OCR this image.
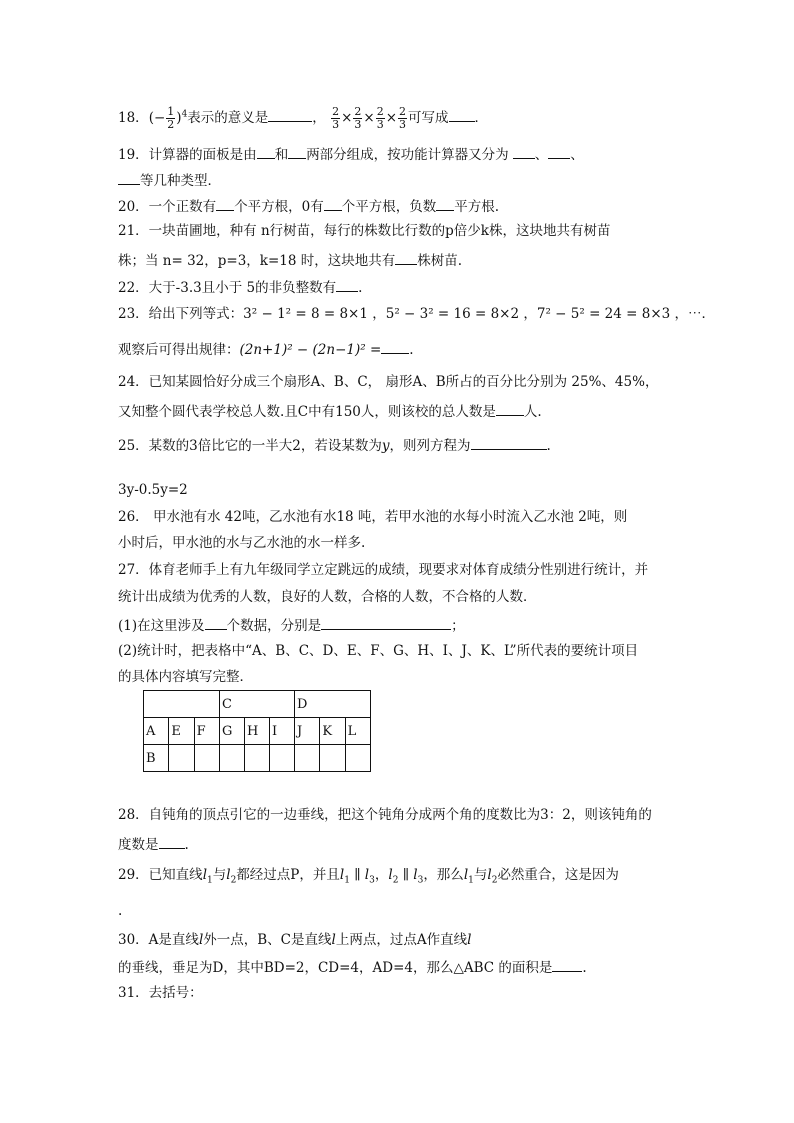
18．(− $\frac{1}{2} )^4$表示的意义是	， $\frac{2}{3} \times \frac{2}{3} \times \frac{2}{3} \times \frac{2}{3}$ 可写成 ．
19．计算器的面板是由 和 两部分组成，按功能计算器又分为 、 、
等几种类型．
20．一个正数有 个平方根，0有 个平方根，负数 平方根.
21．一块苗圃地，种有 n行树苗，每行的株数比行数的p倍少k株，这块地共有树苗
株；当 n= 32，p=3，k=18 时，这块地共有 株树苗.
22．大于-3.3且小于 5的非负整数有 .
23．给出下列等式：3² − 1² = 8 = 8×1 ，5² − 3² = 16 = 8×2 ，7² − 5² = 24 = 8×3 ，⋯．
观察后可得出规律：(2n+1)² − (2n−1)² = .
24．已知某圆恰好分成三个扇形A、B、C， 扇形A、B所占的百分比分别为 25%、45%，
又知整个圆代表学校总人数.且C中有150人，则该校的总人数是 人.
25．某数的3倍比它的一半大2，若设某数为y，则列方程为	.
3y-0.5y=2
26． 甲水池有水 42吨，乙水池有水18 吨，若甲水池的水每小时流入乙水池 2吨，则
小时后，甲水池的水与乙水池的水一样多.
27．体育老师手上有九年级同学立定跳远的成绩，现要求对体育成绩分性别进行统计，并
统计出成绩为优秀的人数，良好的人数，合格的人数，不合格的人数．
(1)在这里涉及 个数据，分别是	；
(2)统计时，把表格中“A、B、C、D、E、F、G、H、I、J、K、L”所代表的要统计项目
的具体内容填写完整．
			C			D		
A	E	F	G	H	I	J	K	L
B								
28．自钝角的顶点引它的一边垂线，把这个钝角分成两个角的度数比为3：2，则该钝角的
度数是 .
29．已知直线$l_1$与$l_2$都经过点P，并且$l_1$ ∥ $l_3$，$l_2$ ∥ $l_3$，那么$l_1$与$l_2$必然重合，这是因为
.
30．A是直线l外一点，B、C是直线l上两点，过点A作直线l
的垂线，垂足为D，其中BD=2，CD=4，AD=4，那么△ABC 的面积是 .
31．去括号：
